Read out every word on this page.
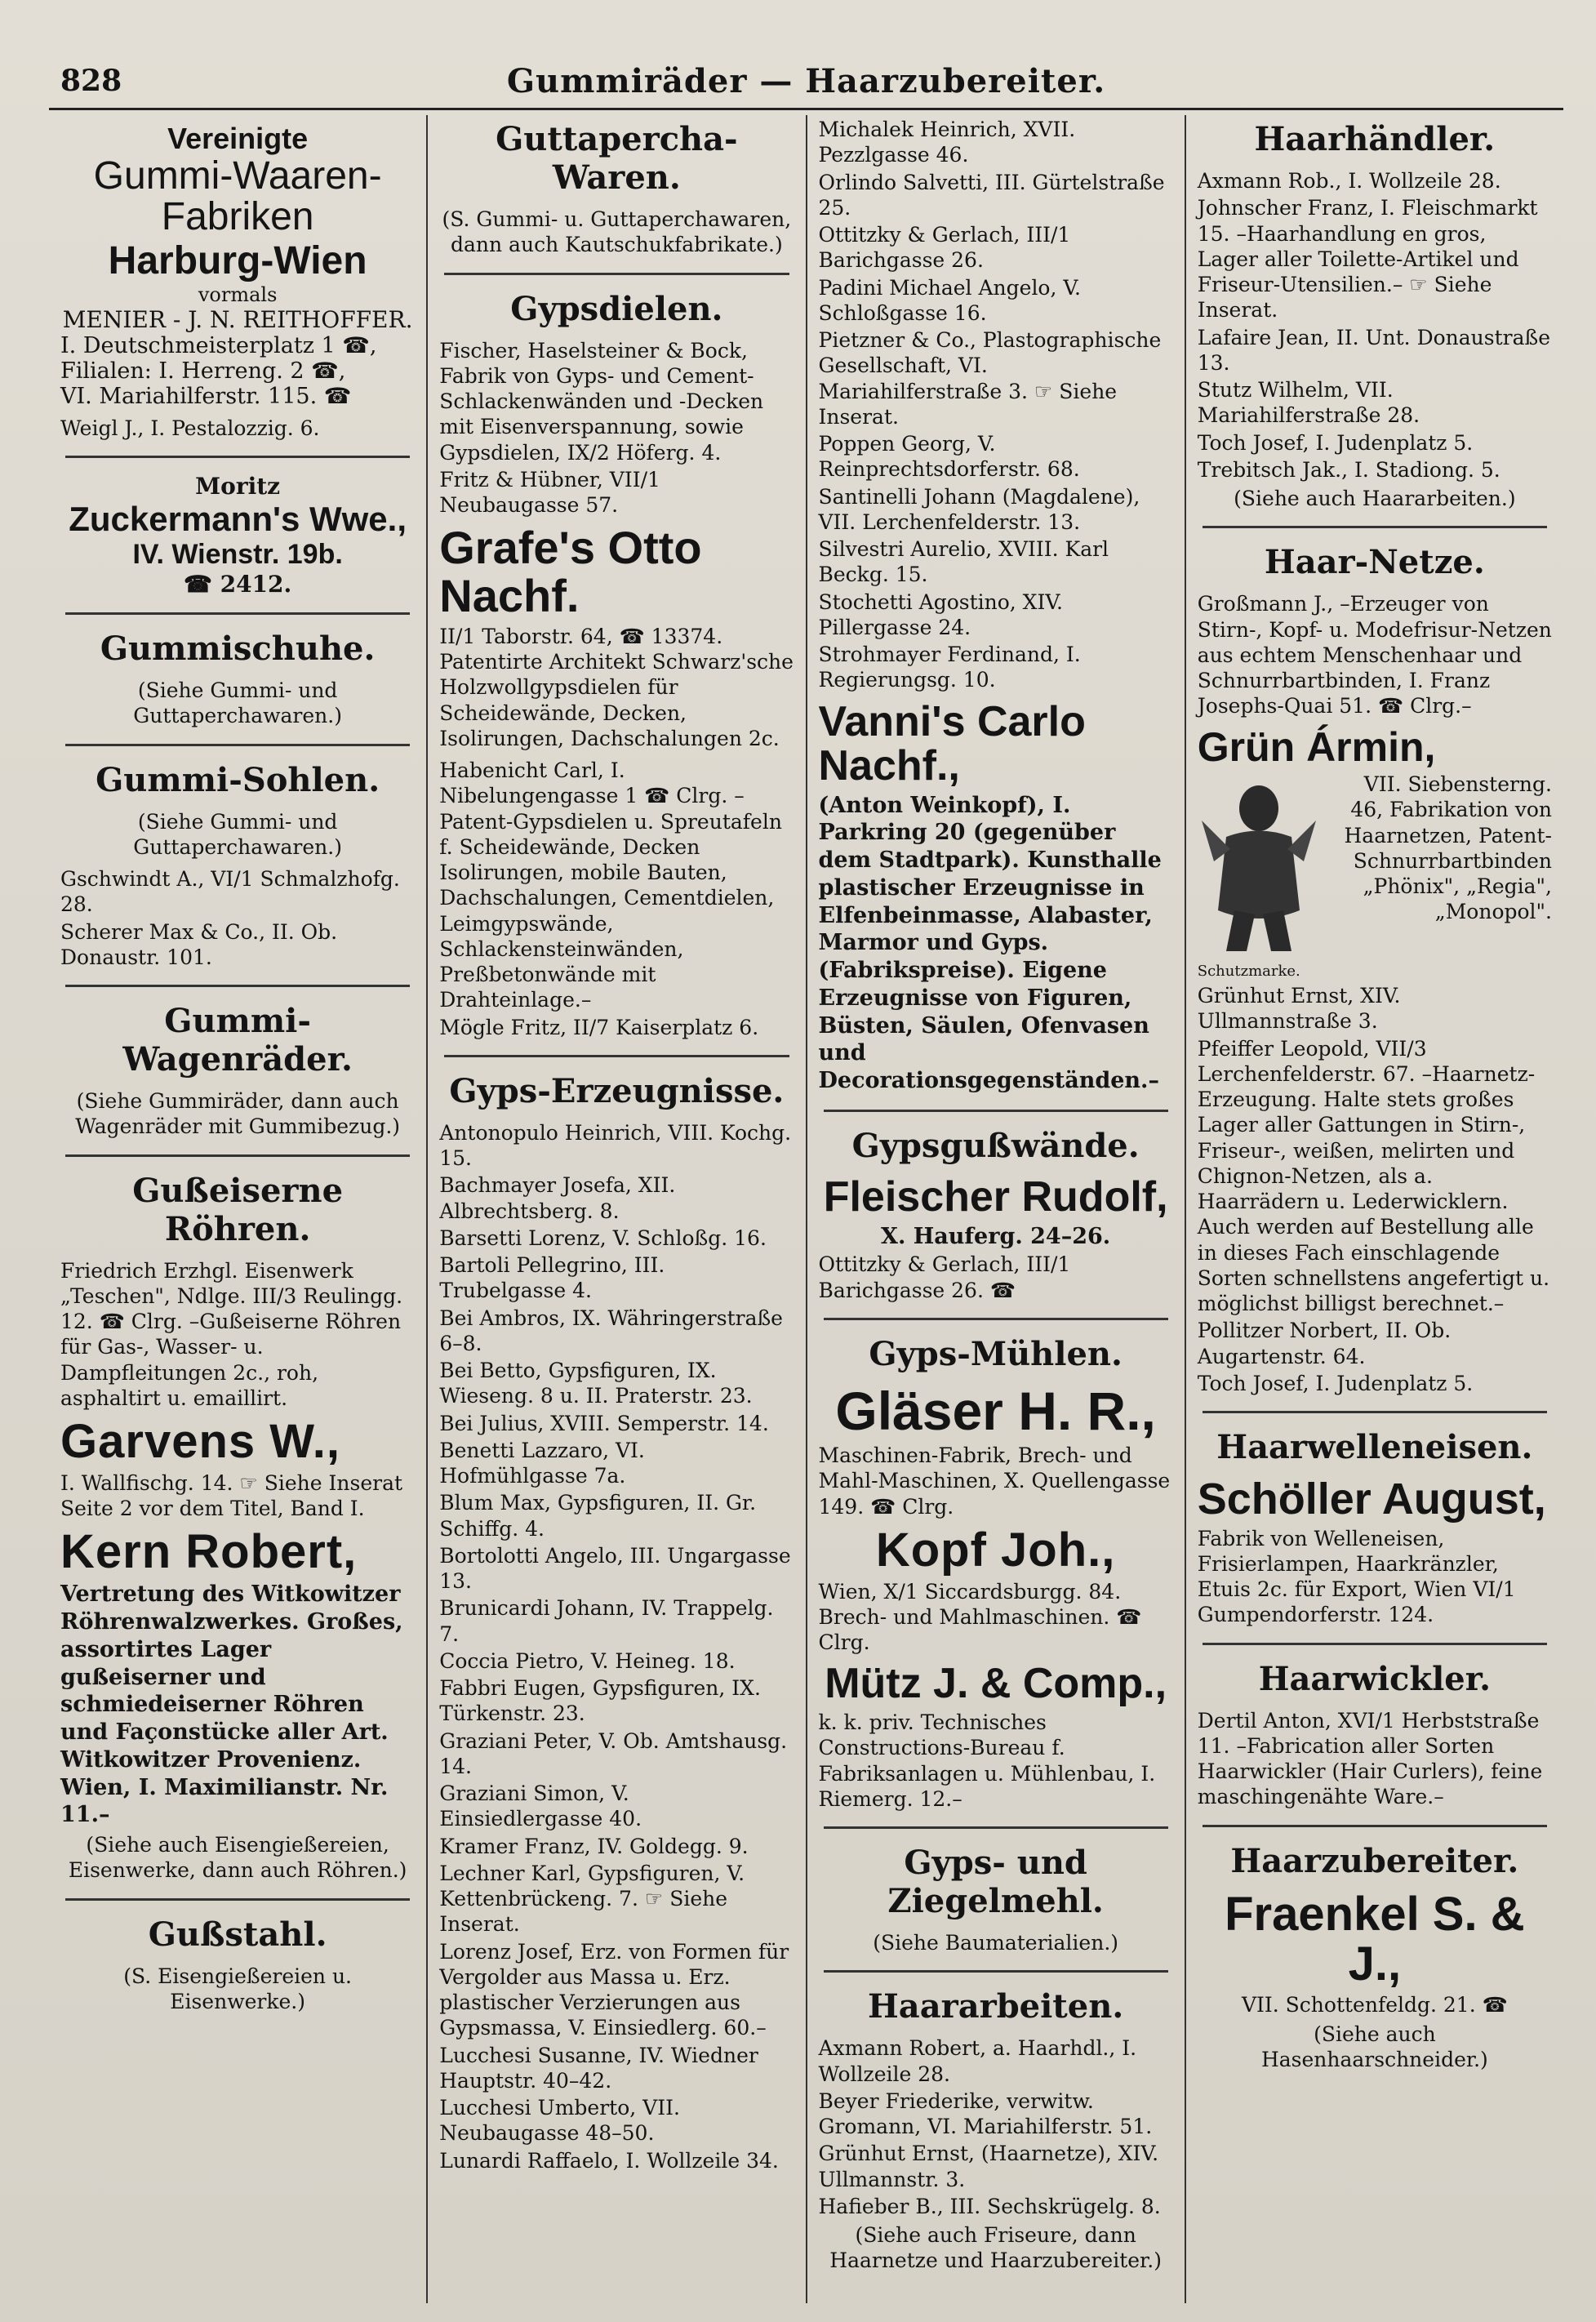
828	Gummiräder — Haarzubereiter.
Vereinigte
Gummi-Waaren-Fabriken
Harburg-Wien
vormals
MENIER - J. N. REITHOFFER.
I. Deutschmeisterplatz 1 ☎,
Filialen: I. Herreng. 2 ☎,
VI. Mariahilferstr. 115. ☎
Weigl J., I. Pestalozzig. 6.
Moritz
Zuckermann's Wwe.,
IV. Wienstr. 19b.
☎ 2412.
Gummischuhe.
(Siehe Gummi- und Guttaperchawaren.)
Gummi-Sohlen.
(Siehe Gummi- und Guttaperchawaren.)
Gschwindt A., VI/1 Schmalzhofg. 28.
Scherer Max & Co., II. Ob. Donaustr. 101.
Gummi-Wagenräder.
(Siehe Gummiräder, dann auch Wagenräder mit Gummibezug.)
Gußeiserne Röhren.
Friedrich Erzhgl. Eisenwerk „Teschen", Ndlge. III/3 Reulingg. 12. ☎ Clrg. –Gußeiserne Röhren für Gas-, Wasser- u. Dampfleitungen 2c., roh, asphaltirt u. emaillirt.
Garvens W.,
I. Wallfischg. 14. ☞ Siehe Inserat Seite 2 vor dem Titel, Band I.
Kern Robert,
Vertretung des Witkowitzer Röhrenwalzwerkes. Großes, assortirtes Lager gußeiserner und schmiedeiserner Röhren und Façonstücke aller Art. Witkowitzer Provenienz. Wien, I. Maximilianstr. Nr. 11.–
(Siehe auch Eisengießereien, Eisenwerke, dann auch Röhren.)
Gußstahl.
(S. Eisengießereien u. Eisenwerke.)
Guttapercha-Waren.
(S. Gummi- u. Guttaperchawaren, dann auch Kautschukfabrikate.)
Gypsdielen.
Fischer, Haselsteiner & Bock, Fabrik von Gyps- und Cement-Schlackenwänden und -Decken mit Eisenverspannung, sowie Gypsdielen, IX/2 Höferg. 4.
Fritz & Hübner, VII/1 Neubaugasse 57.
Grafe's Otto Nachf.
II/1 Taborstr. 64, ☎ 13374. Patentirte Architekt Schwarz'sche Holzwollgypsdielen für Scheidewände, Decken, Isolirungen, Dachschalungen 2c.
Habenicht Carl, I. Nibelungengasse 1 ☎ Clrg. –Patent-Gypsdielen u. Spreutafeln f. Scheidewände, Decken Isolirungen, mobile Bauten, Dachschalungen, Cementdielen, Leimgypswände, Schlackensteinwänden, Preßbetonwände mit Drahteinlage.–
Mögle Fritz, II/7 Kaiserplatz 6.
Gyps-Erzeugnisse.
Antonopulo Heinrich, VIII. Kochg. 15.
Bachmayer Josefa, XII. Albrechtsberg. 8.
Barsetti Lorenz, V. Schloßg. 16.
Bartoli Pellegrino, III. Trubelgasse 4.
Bei Ambros, IX. Währingerstraße 6–8.
Bei Betto, Gypsfiguren, IX. Wieseng. 8 u. II. Praterstr. 23.
Bei Julius, XVIII. Semperstr. 14.
Benetti Lazzaro, VI. Hofmühlgasse 7a.
Blum Max, Gypsfiguren, II. Gr. Schiffg. 4.
Bortolotti Angelo, III. Ungargasse 13.
Brunicardi Johann, IV. Trappelg. 7.
Coccia Pietro, V. Heineg. 18.
Fabbri Eugen, Gypsfiguren, IX. Türkenstr. 23.
Graziani Peter, V. Ob. Amtshausg. 14.
Graziani Simon, V. Einsiedlergasse 40.
Kramer Franz, IV. Goldegg. 9.
Lechner Karl, Gypsfiguren, V. Kettenbrückeng. 7. ☞ Siehe Inserat.
Lorenz Josef, Erz. von Formen für Vergolder aus Massa u. Erz. plastischer Verzierungen aus Gypsmassa, V. Einsiedlerg. 60.–
Lucchesi Susanne, IV. Wiedner Hauptstr. 40–42.
Lucchesi Umberto, VII. Neubaugasse 48–50.
Lunardi Raffaelo, I. Wollzeile 34.
Michalek Heinrich, XVII. Pezzlgasse 46.
Orlindo Salvetti, III. Gürtelstraße 25.
Ottitzky & Gerlach, III/1 Barichgasse 26.
Padini Michael Angelo, V. Schloßgasse 16.
Pietzner & Co., Plastographische Gesellschaft, VI. Mariahilferstraße 3. ☞ Siehe Inserat.
Poppen Georg, V. Reinprechtsdorferstr. 68.
Santinelli Johann (Magdalene), VII. Lerchenfelderstr. 13.
Silvestri Aurelio, XVIII. Karl Beckg. 15.
Stochetti Agostino, XIV. Pillergasse 24.
Strohmayer Ferdinand, I. Regierungsg. 10.
Vanni's Carlo Nachf.,
(Anton Weinkopf), I. Parkring 20 (gegenüber dem Stadtpark). Kunsthalle plastischer Erzeugnisse in Elfenbeinmasse, Alabaster, Marmor und Gyps. (Fabrikspreise). Eigene Erzeugnisse von Figuren, Büsten, Säulen, Ofenvasen und Decorationsgegenständen.–
Gypsgußwände.
Fleischer Rudolf,
X. Hauferg. 24–26.
Ottitzky & Gerlach, III/1 Barichgasse 26. ☎
Gyps-Mühlen.
Gläser H. R.,
Maschinen-Fabrik, Brech- und Mahl-Maschinen, X. Quellengasse 149. ☎ Clrg.
Kopf Joh.,
Wien, X/1 Siccardsburgg. 84. Brech- und Mahlmaschinen. ☎ Clrg.
Mütz J. & Comp.,
k. k. priv. Technisches Constructions-Bureau f. Fabriksanlagen u. Mühlenbau, I. Riemerg. 12.–
Gyps- und Ziegelmehl.
(Siehe Baumaterialien.)
Haararbeiten.
Axmann Robert, a. Haarhdl., I. Wollzeile 28.
Beyer Friederike, verwitw. Gromann, VI. Mariahilferstr. 51.
Grünhut Ernst, (Haarnetze), XIV. Ullmannstr. 3.
Hafieber B., III. Sechskrügelg. 8.
(Siehe auch Friseure, dann Haarnetze und Haarzubereiter.)
Haarhändler.
Axmann Rob., I. Wollzeile 28.
Johnscher Franz, I. Fleischmarkt 15. –Haarhandlung en gros, Lager aller Toilette-Artikel und Friseur-Utensilien.– ☞ Siehe Inserat.
Lafaire Jean, II. Unt. Donaustraße 13.
Stutz Wilhelm, VII. Mariahilferstraße 28.
Toch Josef, I. Judenplatz 5.
Trebitsch Jak., I. Stadiong. 5.
(Siehe auch Haararbeiten.)
Haar-Netze.
Großmann J., –Erzeuger von Stirn-, Kopf- u. Modefrisur-Netzen aus echtem Menschenhaar und Schnurrbartbinden, I. Franz Josephs-Quai 51. ☎ Clrg.–
Grün Ármin,
Schutzmarke.
VII. Siebensterng. 46, Fabrikation von Haarnetzen, Patent-Schnurrbartbinden „Phönix", „Regia", „Monopol".
Grünhut Ernst, XIV. Ullmannstraße 3.
Pfeiffer Leopold, VII/3 Lerchenfelderstr. 67. –Haarnetz-Erzeugung. Halte stets großes Lager aller Gattungen in Stirn-, Friseur-, weißen, melirten und Chignon-Netzen, als a. Haarrädern u. Lederwicklern. Auch werden auf Bestellung alle in dieses Fach einschlagende Sorten schnellstens angefertigt u. möglichst billigst berechnet.–
Pollitzer Norbert, II. Ob. Augartenstr. 64.
Toch Josef, I. Judenplatz 5.
Haarwelleneisen.
Schöller August,
Fabrik von Welleneisen, Frisierlampen, Haarkränzler, Etuis 2c. für Export, Wien VI/1 Gumpendorferstr. 124.
Haarwickler.
Dertil Anton, XVI/1 Herbststraße 11. –Fabrication aller Sorten Haarwickler (Hair Curlers), feine maschingenähte Ware.–
Haarzubereiter.
Fraenkel S. & J.,
VII. Schottenfeldg. 21. ☎
(Siehe auch Hasenhaarschneider.)
